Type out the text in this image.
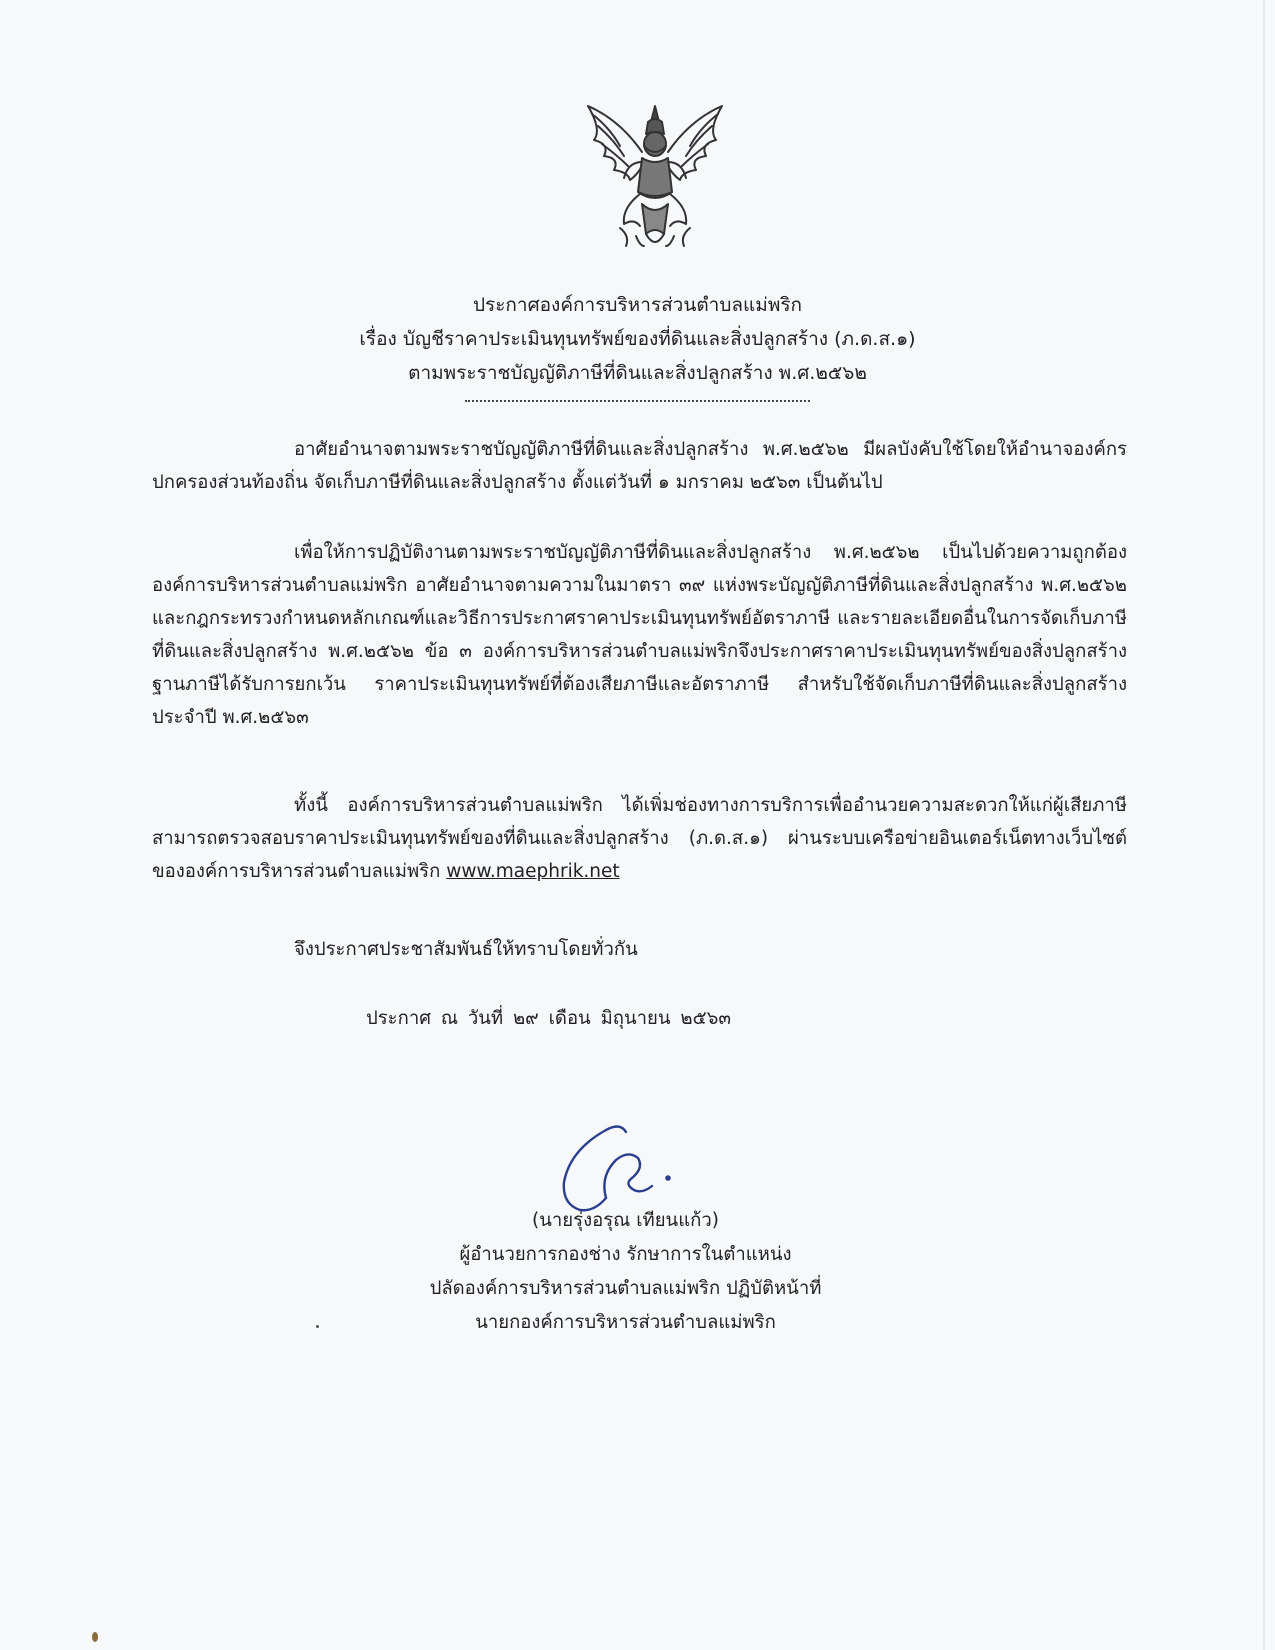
ประกาศองค์การบริหารส่วนตำบลแม่พริก
เรื่อง บัญชีราคาประเมินทุนทรัพย์ของที่ดินและสิ่งปลูกสร้าง (ภ.ด.ส.๑)
ตามพระราชบัญญัติภาษีที่ดินและสิ่งปลูกสร้าง พ.ศ.๒๕๖๒
อาศัยอำนาจตามพระราชบัญญัติภาษีที่ดินและสิ่งปลูกสร้าง พ.ศ.๒๕๖๒ มีผลบังคับใช้โดยให้อำนาจองค์กรปกครองส่วนท้องถิ่น จัดเก็บภาษีที่ดินและสิ่งปลูกสร้าง ตั้งแต่วันที่ ๑ มกราคม ๒๕๖๓ เป็นต้นไป
เพื่อให้การปฏิบัติงานตามพระราชบัญญัติภาษีที่ดินและสิ่งปลูกสร้าง พ.ศ.๒๕๖๒ เป็นไปด้วยความถูกต้อง องค์การบริหารส่วนตำบลแม่พริก อาศัยอำนาจตามความในมาตรา ๓๙ แห่งพระบัญญัติภาษีที่ดินและสิ่งปลูกสร้าง พ.ศ.๒๕๖๒ และกฎกระทรวงกำหนดหลักเกณฑ์และวิธีการประกาศราคาประเมินทุนทรัพย์อัตราภาษี และรายละเอียดอื่นในการจัดเก็บภาษีที่ดินและสิ่งปลูกสร้าง พ.ศ.๒๕๖๒ ข้อ ๓ องค์การบริหารส่วนตำบลแม่พริกจึงประกาศราคาประเมินทุนทรัพย์ของสิ่งปลูกสร้าง ฐานภาษีได้รับการยกเว้น ราคาประเมินทุนทรัพย์ที่ต้องเสียภาษีและอัตราภาษี สำหรับใช้จัดเก็บภาษีที่ดินและสิ่งปลูกสร้างประจำปี พ.ศ.๒๕๖๓
ทั้งนี้ องค์การบริหารส่วนตำบลแม่พริก ได้เพิ่มช่องทางการบริการเพื่ออำนวยความสะดวกให้แก่ผู้เสียภาษีสามารถตรวจสอบราคาประเมินทุนทรัพย์ของที่ดินและสิ่งปลูกสร้าง (ภ.ด.ส.๑) ผ่านระบบเครือข่ายอินเตอร์เน็ตทางเว็บไซต์ขององค์การบริหารส่วนตำบลแม่พริก www.maephrik.net
จึงประกาศประชาสัมพันธ์ให้ทราบโดยทั่วกัน
ประกาศ ณ วันที่ ๒๙ เดือน มิถุนายน ๒๕๖๓
(นายรุ่งอรุณ เทียนแก้ว)
ผู้อำนวยการกองช่าง รักษาการในตำแหน่ง
ปลัดองค์การบริหารส่วนตำบลแม่พริก ปฏิบัติหน้าที่
นายกองค์การบริหารส่วนตำบลแม่พริก
